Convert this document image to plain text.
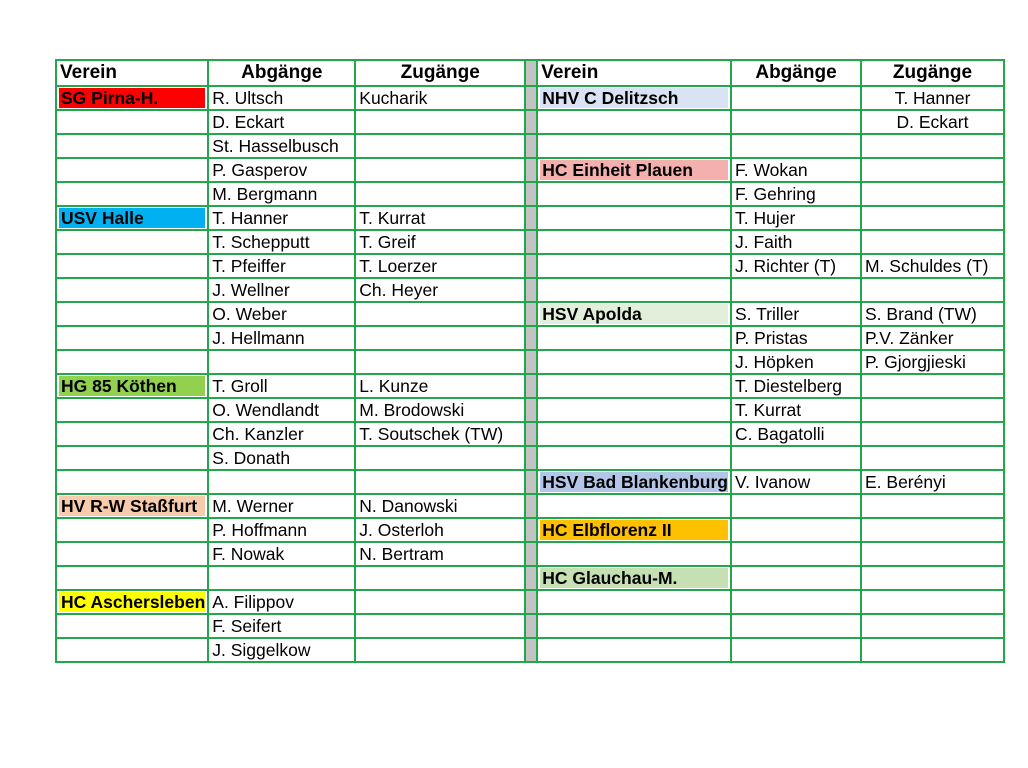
Verein	Abgänge	Zugänge		Verein	Abgänge	Zugänge

SG Pirna-H.	R. Ultsch	Kucharik		NHV C Delitzsch		T. Hanner
	D. Eckart					D. Eckart
	St. Hasselbusch					
	P. Gasperov			HC Einheit Plauen	F. Wokan	
	M. Bergmann				F. Gehring	

USV Halle	T. Hanner	T. Kurrat			T. Hujer	
	T. Schepputt	T. Greif			J. Faith	
	T. Pfeiffer	T. Loerzer			J. Richter (T)	M. Schuldes (T)
	J. Wellner	Ch. Heyer				
	O. Weber			HSV Apolda	S. Triller	S. Brand (TW)
	J. Hellmann				P. Pristas	P.V. Zänker
					J. Höpken	P. Gjorgjieski

HG 85 Köthen	T. Groll	L. Kunze			T. Diestelberg	
	O. Wendlandt	M. Brodowski			T. Kurrat	
	Ch. Kanzler	T. Soutschek (TW)			C. Bagatolli	
	S. Donath					

				HSV Bad Blankenburg	V. Ivanow	E. Berényi

HV R-W Staßfurt	M. Werner	N. Danowski				
	P. Hoffmann	J. Osterloh		HC Elbflorenz II		

	F. Nowak	N. Bertram				

				HC Glauchau-M.		

HC Aschersleben	A. Filippov					
	F. Seifert					
	J. Siggelkow					
